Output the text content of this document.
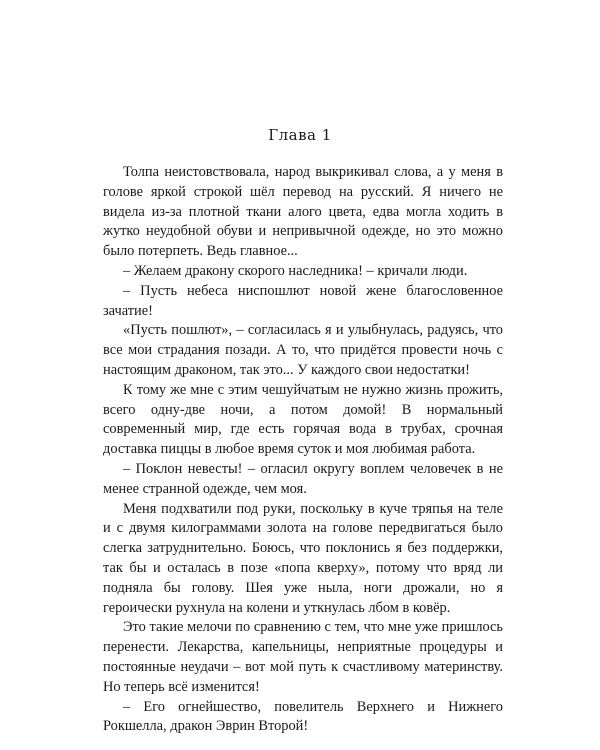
Глава 1

Толпа неистовствовала, народ выкрикивал слова, а у меня в голове яркой строкой шёл перевод на русский. Я ничего не видела из-за плотной ткани алого цвета, едва могла ходить в жутко неудобной обуви и непривычной одежде, но это можно было потерпеть. Ведь главное...

– Желаем дракону скорого наследника! – кричали люди.

– Пусть небеса ниспошлют новой жене благословенное зачатие!

«Пусть пошлют», – согласилась я и улыбнулась, радуясь, что все мои страдания позади. А то, что придётся провести ночь с настоящим драконом, так это... У каждого свои недостатки!

К тому же мне с этим чешуйчатым не нужно жизнь прожить, всего одну-две ночи, а потом домой! В нормальный современный мир, где есть горячая вода в трубах, срочная доставка пиццы в любое время суток и моя любимая работа.

– Поклон невесты! – огласил округу воплем человечек в не менее странной одежде, чем моя.

Меня подхватили под руки, поскольку в куче тряпья на теле и с двумя килограммами золота на голове передвигаться было слегка затруднительно. Боюсь, что поклонись я без поддержки, так бы и осталась в позе «попа кверху», потому что вряд ли подняла бы голову. Шея уже ныла, ноги дрожали, но я героически рухнула на колени и уткнулась лбом в ковёр.

Это такие мелочи по сравнению с тем, что мне уже пришлось перенести. Лекарства, капельницы, неприятные процедуры и постоянные неудачи – вот мой путь к счастливому материнству. Но теперь всё изменится!

– Его огнейшество, повелитель Верхнего и Нижнего Рокшелла, дракон Эврин Второй!
